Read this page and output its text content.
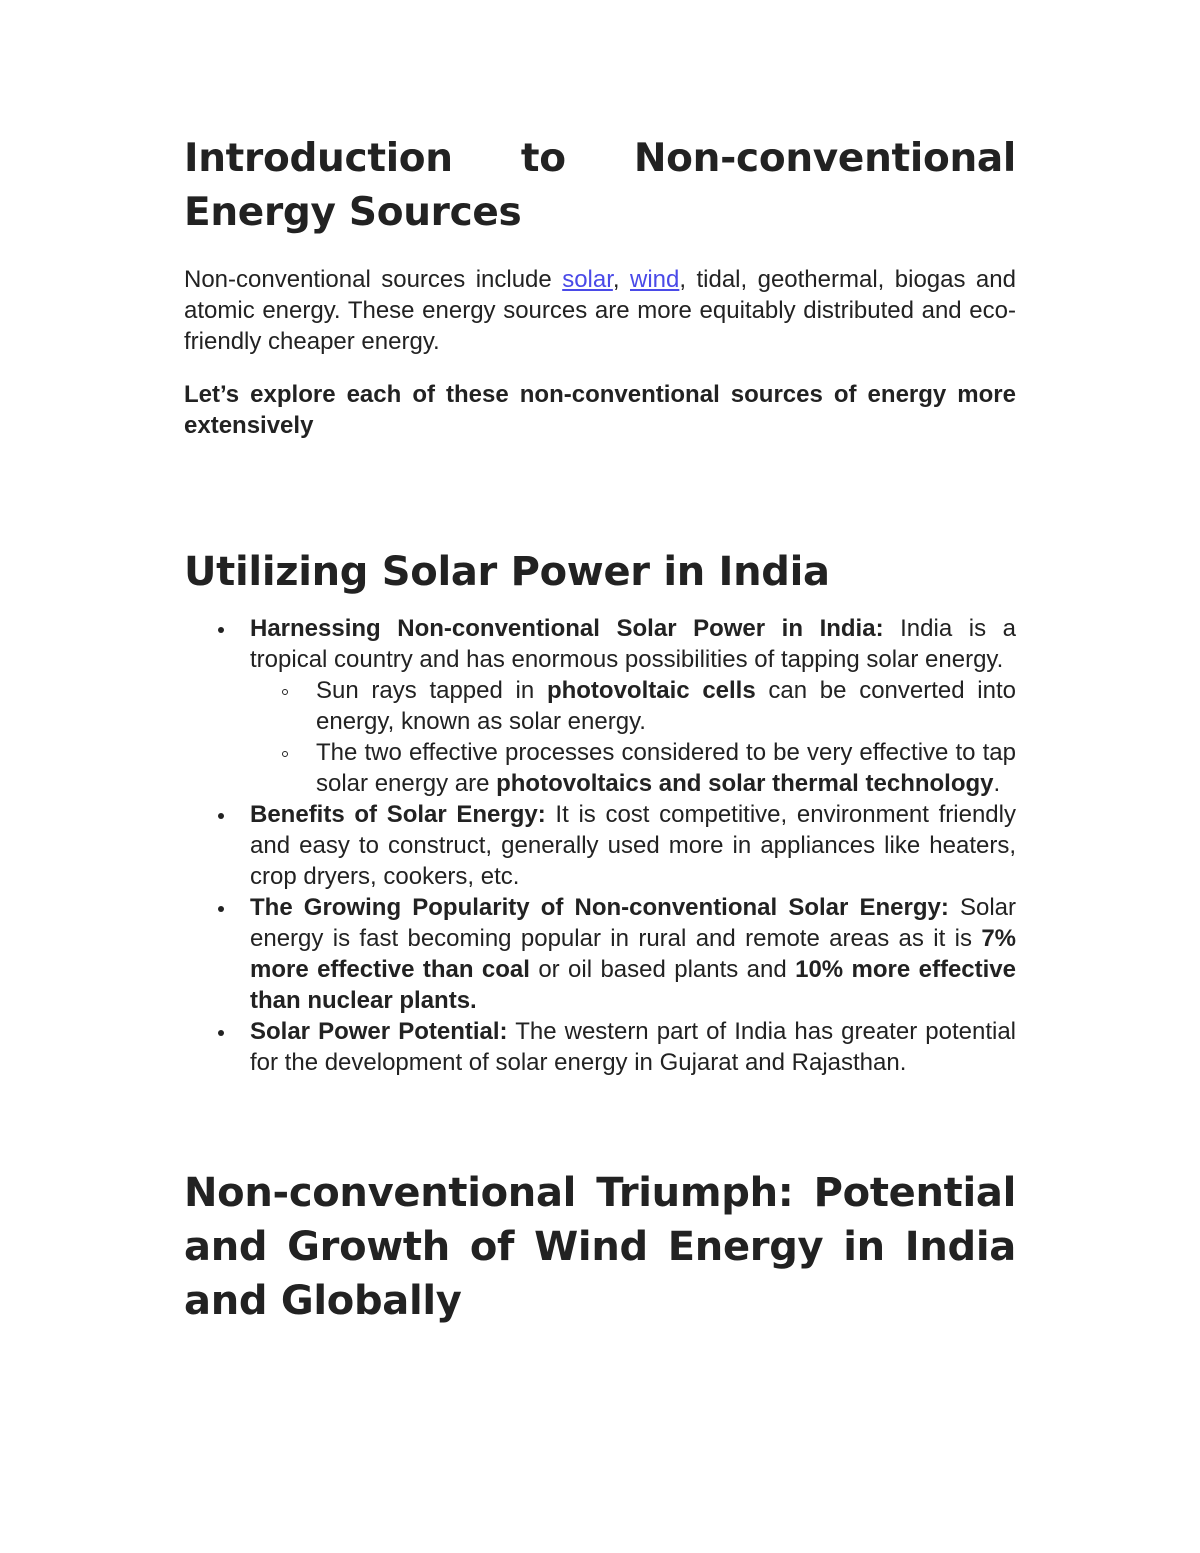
Introduction to Non-conventional Energy Sources

Non-conventional sources include solar, wind, tidal, geothermal, biogas and atomic energy. These energy sources are more equitably distributed and eco-friendly cheaper energy.

Let’s explore each of these non-conventional sources of energy more extensively

Utilizing Solar Power in India
Harnessing Non-conventional Solar Power in India: India is a tropical country and has enormous possibilities of tapping solar energy.
Sun rays tapped in photovoltaic cells can be converted into energy, known as solar energy.
The two effective processes considered to be very effective to tap solar energy are photovoltaics and solar thermal technology.
Benefits of Solar Energy: It is cost competitive, environment friendly and easy to construct, generally used more in appliances like heaters, crop dryers, cookers, etc.
The Growing Popularity of Non-conventional Solar Energy: Solar energy is fast becoming popular in rural and remote areas as it is 7% more effective than coal or oil based plants and 10% more effective than nuclear plants.
Solar Power Potential: The western part of India has greater potential for the development of solar energy in Gujarat and Rajasthan.
Non-conventional Triumph: Potential and Growth of Wind Energy in India and Globally
